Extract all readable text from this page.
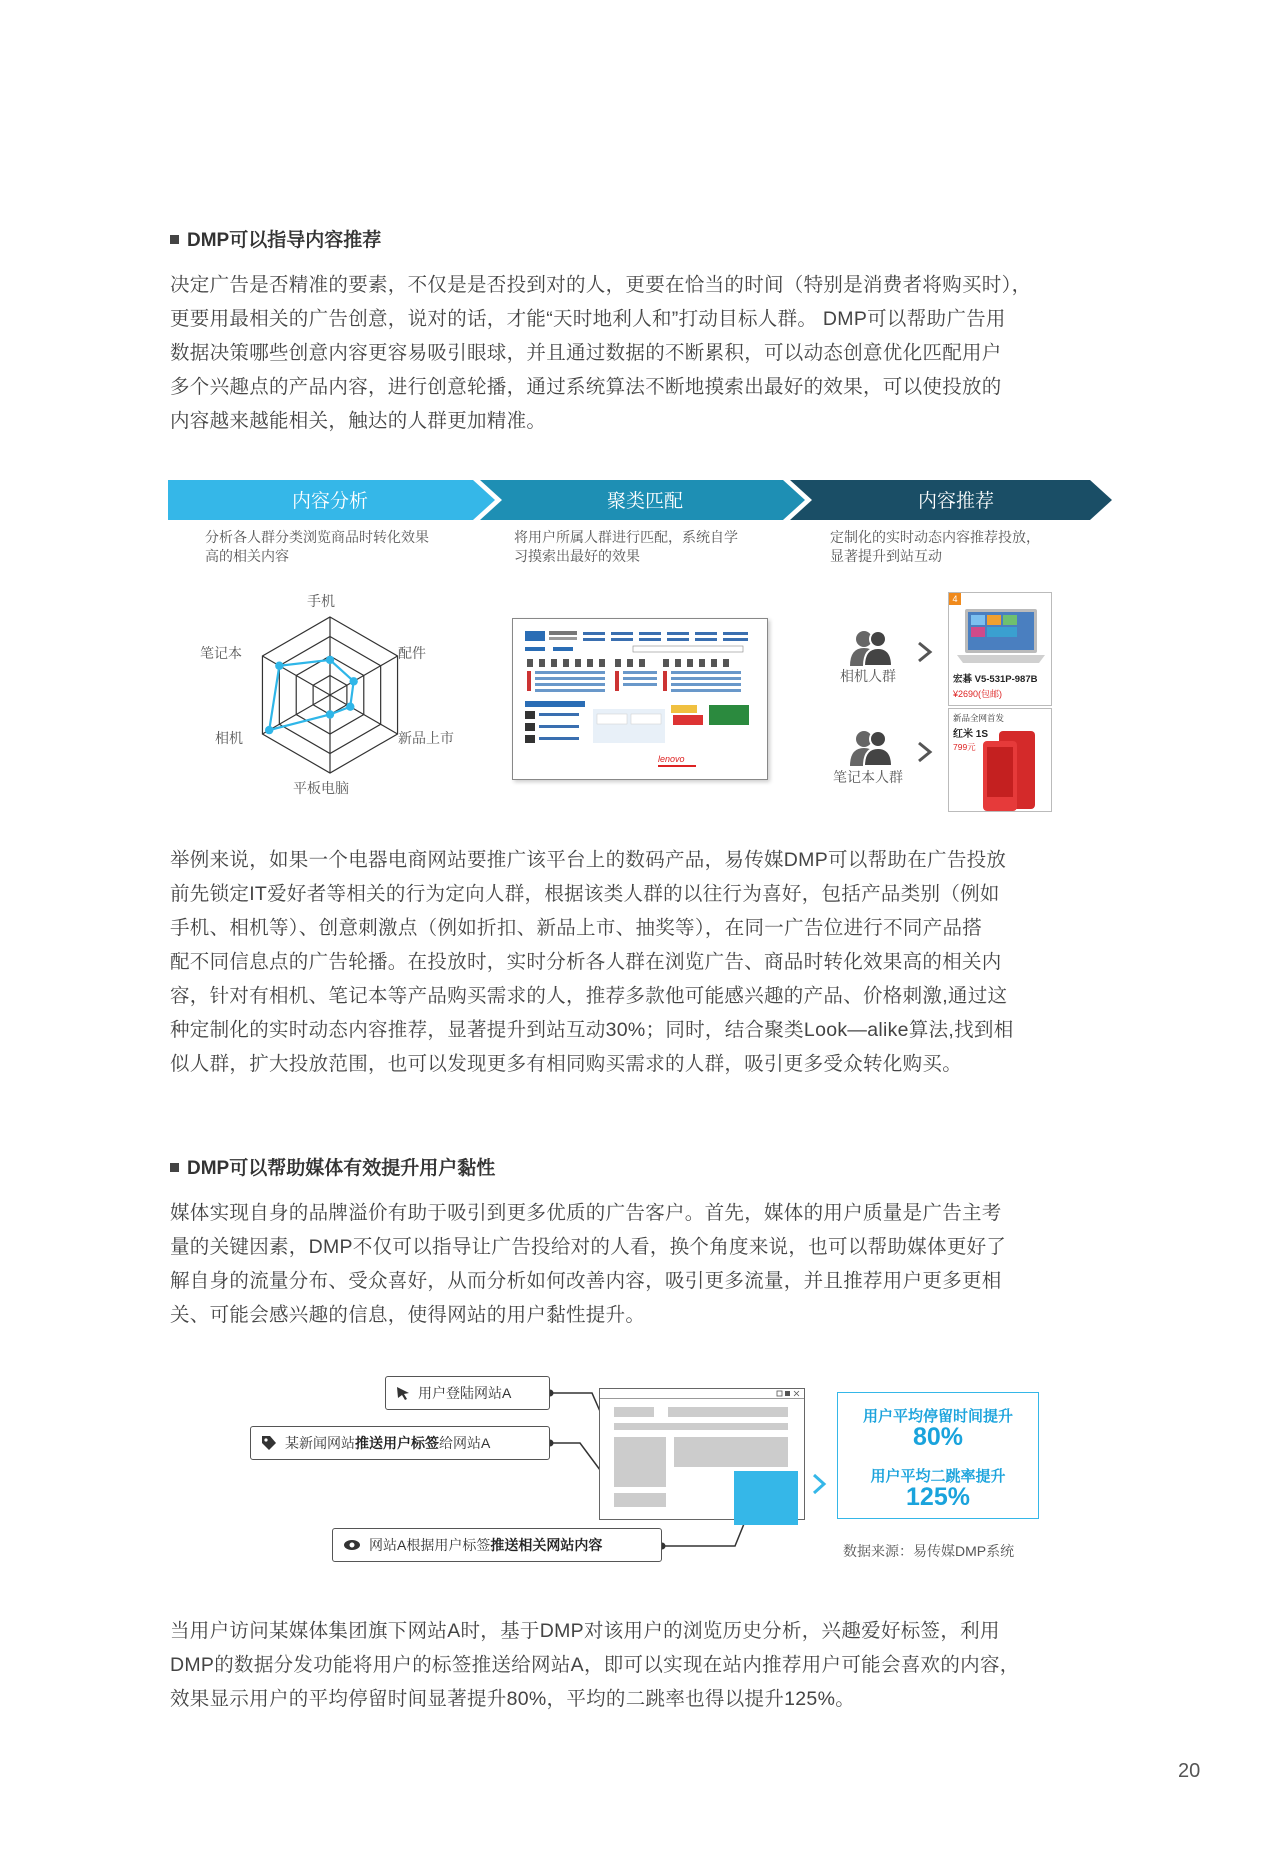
DMP可以指导内容推荐
决定广告是否精准的要素，不仅是是否投到对的人，更要在恰当的时间（特别是消费者将购买时），
更要用最相关的广告创意，说对的话，才能“天时地利人和”打动目标人群。 DMP可以帮助广告用
数据决策哪些创意内容更容易吸引眼球，并且通过数据的不断累积，可以动态创意优化匹配用户
多个兴趣点的产品内容，进行创意轮播，通过系统算法不断地摸索出最好的效果，可以使投放的
内容越来越能相关，触达的人群更加精准。
内容分析	聚类匹配	内容推荐
分析各人群分类浏览商品时转化效果
高的相关内容
将用户所属人群进行匹配，系统自学
习摸索出最好的效果
定制化的实时动态内容推荐投放，
显著提升到站互动
手机
配件
新品上市
平板电脑
相机
笔记本
lenovo
相机人群
笔记本人群
4
宏碁 V5-531P-987B
¥2690(包邮)
新品全网首发
红米 1S
799元
举例来说，如果一个电器电商网站要推广该平台上的数码产品，易传媒DMP可以帮助在广告投放
前先锁定IT爱好者等相关的行为定向人群，根据该类人群的以往行为喜好，包括产品类别（例如
手机、相机等）、创意刺激点（例如折扣、新品上市、抽奖等），在同一广告位进行不同产品搭
配不同信息点的广告轮播。在投放时，实时分析各人群在浏览广告、商品时转化效果高的相关内
容，针对有相机、笔记本等产品购买需求的人，推荐多款他可能感兴趣的产品、价格刺激,通过这
种定制化的实时动态内容推荐，显著提升到站互动30%；同时，结合聚类Look—alike算法,找到相
似人群，扩大投放范围，也可以发现更多有相同购买需求的人群，吸引更多受众转化购买。
DMP可以帮助媒体有效提升用户黏性
媒体实现自身的品牌溢价有助于吸引到更多优质的广告客户。首先，媒体的用户质量是广告主考
量的关键因素，DMP不仅可以指导让广告投给对的人看，换个角度来说，也可以帮助媒体更好了
解自身的流量分布、受众喜好，从而分析如何改善内容，吸引更多流量，并且推荐用户更多更相
关、可能会感兴趣的信息，使得网站的用户黏性提升。
用户登陆网站A
某新闻网站 推送用户标签 给网站A
网站A根据用户标签 推送相关网站内容
用户平均停留时间提升
80%
用户平均二跳率提升
125%
数据来源：易传媒DMP系统
当用户访问某媒体集团旗下网站A时，基于DMP对该用户的浏览历史分析，兴趣爱好标签，利用
DMP的数据分发功能将用户的标签推送给网站A，即可以实现在站内推荐用户可能会喜欢的内容，
效果显示用户的平均停留时间显著提升80%，平均的二跳率也得以提升125%。
20
